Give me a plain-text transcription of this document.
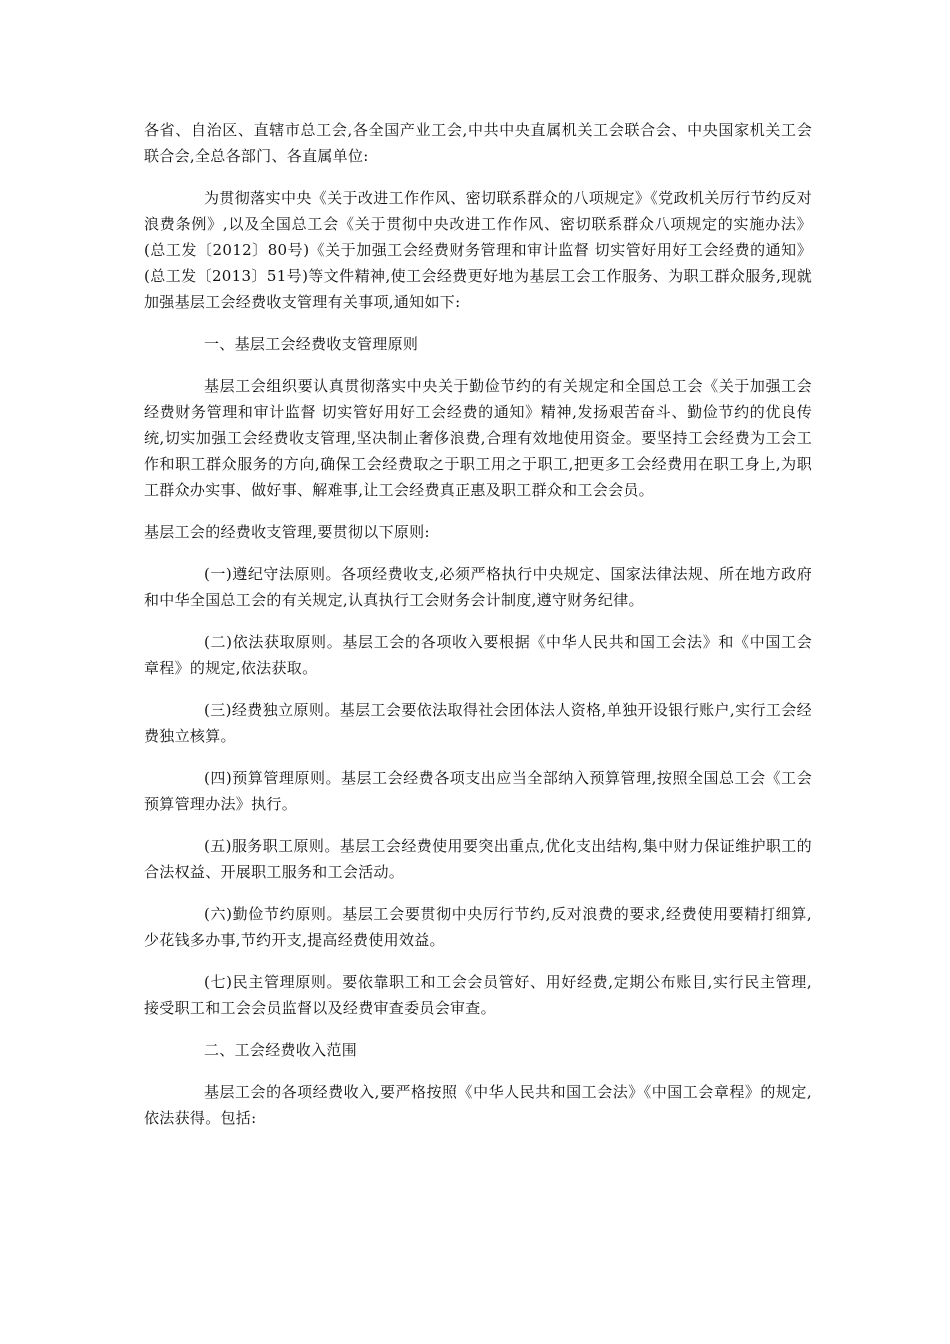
各省、自治区、直辖市总工会,各全国产业工会,中共中央直属机关工会联合会、中央国家机关工会联合会,全总各部门、各直属单位:

为贯彻落实中央《关于改进工作作风、密切联系群众的八项规定》《党政机关厉行节约反对浪费条例》,以及全国总工会《关于贯彻中央改进工作作风、密切联系群众八项规定的实施办法》(总工发〔2012〕80号)《关于加强工会经费财务管理和审计监督 切实管好用好工会经费的通知》(总工发〔2013〕51号)等文件精神,使工会经费更好地为基层工会工作服务、为职工群众服务,现就加强基层工会经费收支管理有关事项,通知如下:

一、基层工会经费收支管理原则

基层工会组织要认真贯彻落实中央关于勤俭节约的有关规定和全国总工会《关于加强工会经费财务管理和审计监督 切实管好用好工会经费的通知》精神,发扬艰苦奋斗、勤俭节约的优良传统,切实加强工会经费收支管理,坚决制止奢侈浪费,合理有效地使用资金。要坚持工会经费为工会工作和职工群众服务的方向,确保工会经费取之于职工用之于职工,把更多工会经费用在职工身上,为职工群众办实事、做好事、解难事,让工会经费真正惠及职工群众和工会会员。

基层工会的经费收支管理,要贯彻以下原则:

(一)遵纪守法原则。各项经费收支,必须严格执行中央规定、国家法律法规、所在地方政府和中华全国总工会的有关规定,认真执行工会财务会计制度,遵守财务纪律。

(二)依法获取原则。基层工会的各项收入要根据《中华人民共和国工会法》和《中国工会章程》的规定,依法获取。

(三)经费独立原则。基层工会要依法取得社会团体法人资格,单独开设银行账户,实行工会经费独立核算。

(四)预算管理原则。基层工会经费各项支出应当全部纳入预算管理,按照全国总工会《工会预算管理办法》执行。

(五)服务职工原则。基层工会经费使用要突出重点,优化支出结构,集中财力保证维护职工的合法权益、开展职工服务和工会活动。

(六)勤俭节约原则。基层工会要贯彻中央厉行节约,反对浪费的要求,经费使用要精打细算,少花钱多办事,节约开支,提高经费使用效益。

(七)民主管理原则。要依靠职工和工会会员管好、用好经费,定期公布账目,实行民主管理,接受职工和工会会员监督以及经费审查委员会审查。

二、工会经费收入范围

基层工会的各项经费收入,要严格按照《中华人民共和国工会法》《中国工会章程》的规定,依法获得。包括:
